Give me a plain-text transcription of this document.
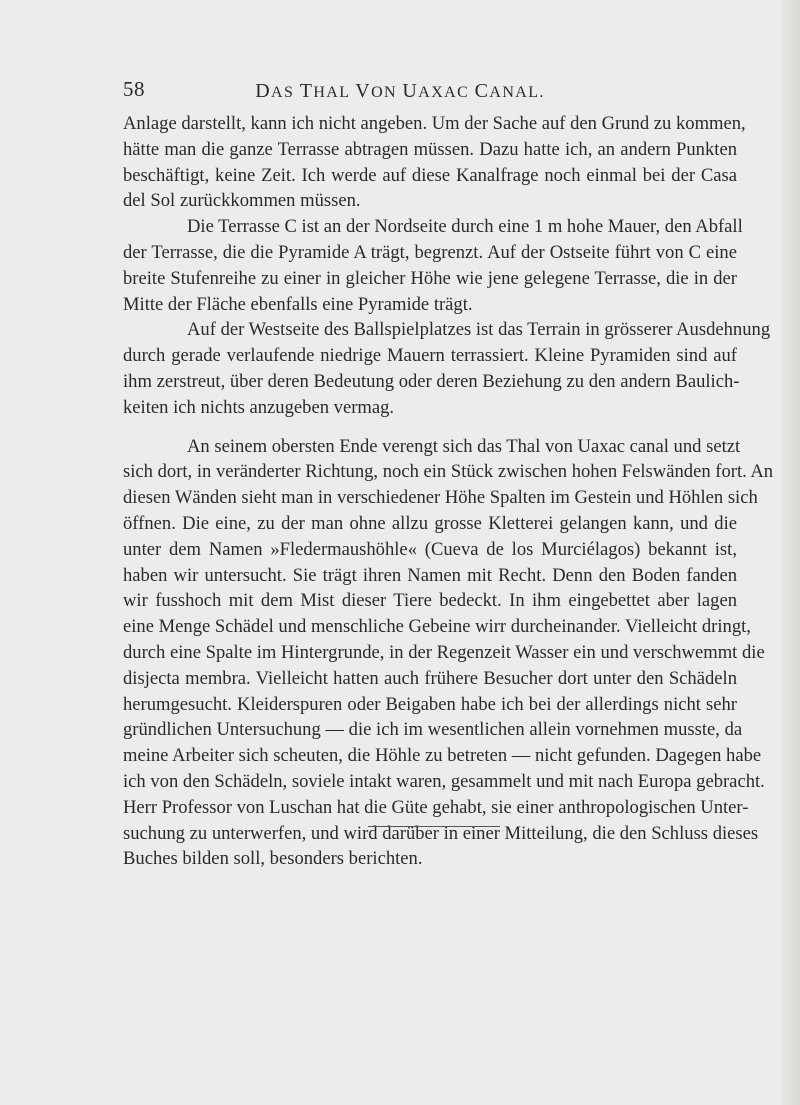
58	DAS THAL VON UAXAC CANAL.
Anlage darstellt, kann ich nicht angeben. Um der Sache auf den Grund zu kommen,
hätte man die ganze Terrasse abtragen müssen. Dazu hatte ich, an andern Punkten
beschäftigt, keine Zeit. Ich werde auf diese Kanalfrage noch einmal bei der Casa
del Sol zurückkommen müssen.
Die Terrasse C ist an der Nordseite durch eine 1 m hohe Mauer, den Abfall
der Terrasse, die die Pyramide A trägt, begrenzt. Auf der Ostseite führt von C eine
breite Stufenreihe zu einer in gleicher Höhe wie jene gelegene Terrasse, die in der
Mitte der Fläche ebenfalls eine Pyramide trägt.
Auf der Westseite des Ballspielplatzes ist das Terrain in grösserer Ausdehnung
durch gerade verlaufende niedrige Mauern terrassiert. Kleine Pyramiden sind auf
ihm zerstreut, über deren Bedeutung oder deren Beziehung zu den andern Baulich-
keiten ich nichts anzugeben vermag.
An seinem obersten Ende verengt sich das Thal von Uaxac canal und setzt
sich dort, in veränderter Richtung, noch ein Stück zwischen hohen Felswänden fort. An
diesen Wänden sieht man in verschiedener Höhe Spalten im Gestein und Höhlen sich
öffnen. Die eine, zu der man ohne allzu grosse Kletterei gelangen kann, und die
unter dem Namen »Fledermaushöhle« (Cueva de los Murciélagos) bekannt ist,
haben wir untersucht. Sie trägt ihren Namen mit Recht. Denn den Boden fanden
wir fusshoch mit dem Mist dieser Tiere bedeckt. In ihm eingebettet aber lagen
eine Menge Schädel und menschliche Gebeine wirr durcheinander. Vielleicht dringt,
durch eine Spalte im Hintergrunde, in der Regenzeit Wasser ein und verschwemmt die
disjecta membra. Vielleicht hatten auch frühere Besucher dort unter den Schädeln
herumgesucht. Kleiderspuren oder Beigaben habe ich bei der allerdings nicht sehr
gründlichen Untersuchung — die ich im wesentlichen allein vornehmen musste, da
meine Arbeiter sich scheuten, die Höhle zu betreten — nicht gefunden. Dagegen habe
ich von den Schädeln, soviele intakt waren, gesammelt und mit nach Europa gebracht.
Herr Professor von Luschan hat die Güte gehabt, sie einer anthropologischen Unter-
suchung zu unterwerfen, und wird darüber in einer Mitteilung, die den Schluss dieses
Buches bilden soll, besonders berichten.
